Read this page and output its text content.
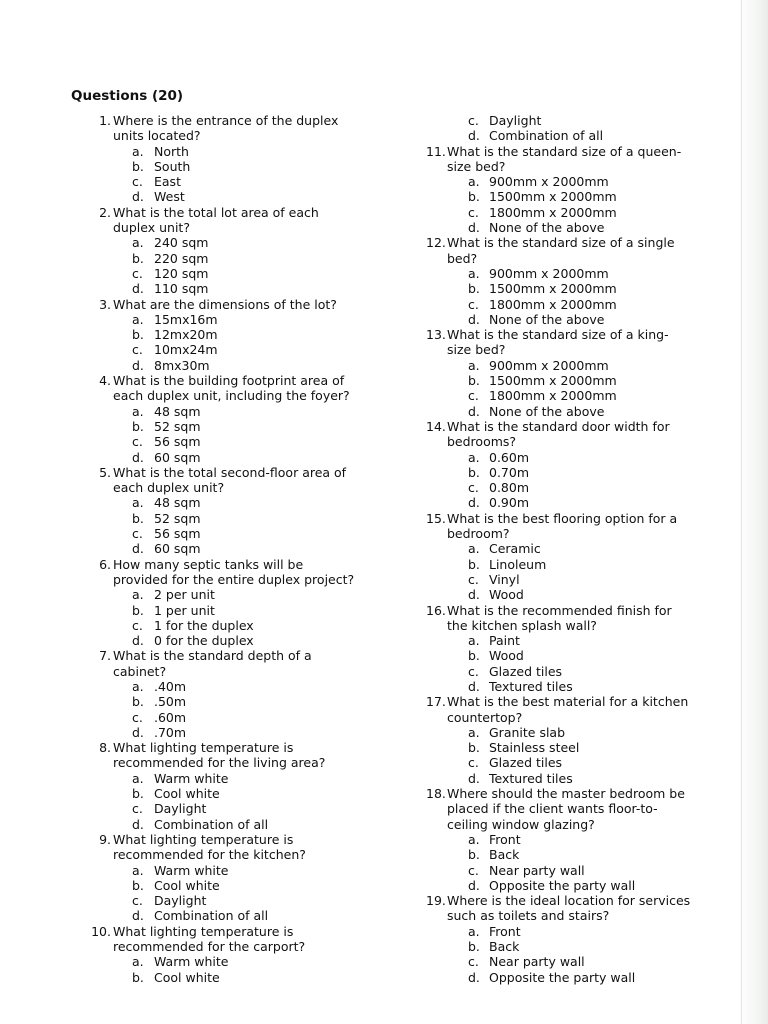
Questions (20)
1. Where is the entrance of the duplex
units located?
a. North
b. South
c. East
d. West
2. What is the total lot area of each
duplex unit?
a. 240 sqm
b. 220 sqm
c. 120 sqm
d. 110 sqm
3. What are the dimensions of the lot?
a. 15mx16m
b. 12mx20m
c. 10mx24m
d. 8mx30m
4. What is the building footprint area of
each duplex unit, including the foyer?
a. 48 sqm
b. 52 sqm
c. 56 sqm
d. 60 sqm
5. What is the total second-floor area of
each duplex unit?
a. 48 sqm
b. 52 sqm
c. 56 sqm
d. 60 sqm
6. How many septic tanks will be
provided for the entire duplex project?
a. 2 per unit
b. 1 per unit
c. 1 for the duplex
d. 0 for the duplex
7. What is the standard depth of a
cabinet?
a. .40m
b. .50m
c. .60m
d. .70m
8. What lighting temperature is
recommended for the living area?
a. Warm white
b. Cool white
c. Daylight
d. Combination of all
9. What lighting temperature is
recommended for the kitchen?
a. Warm white
b. Cool white
c. Daylight
d. Combination of all
10. What lighting temperature is
recommended for the carport?
a. Warm white
b. Cool white
c. Daylight
d. Combination of all
11. What is the standard size of a queen-
size bed?
a. 900mm x 2000mm
b. 1500mm x 2000mm
c. 1800mm x 2000mm
d. None of the above
12. What is the standard size of a single
bed?
a. 900mm x 2000mm
b. 1500mm x 2000mm
c. 1800mm x 2000mm
d. None of the above
13. What is the standard size of a king-
size bed?
a. 900mm x 2000mm
b. 1500mm x 2000mm
c. 1800mm x 2000mm
d. None of the above
14. What is the standard door width for
bedrooms?
a. 0.60m
b. 0.70m
c. 0.80m
d. 0.90m
15. What is the best flooring option for a
bedroom?
a. Ceramic
b. Linoleum
c. Vinyl
d. Wood
16. What is the recommended finish for
the kitchen splash wall?
a. Paint
b. Wood
c. Glazed tiles
d. Textured tiles
17. What is the best material for a kitchen
countertop?
a. Granite slab
b. Stainless steel
c. Glazed tiles
d. Textured tiles
18. Where should the master bedroom be
placed if the client wants floor-to-
ceiling window glazing?
a. Front
b. Back
c. Near party wall
d. Opposite the party wall
19. Where is the ideal location for services
such as toilets and stairs?
a. Front
b. Back
c. Near party wall
d. Opposite the party wall
